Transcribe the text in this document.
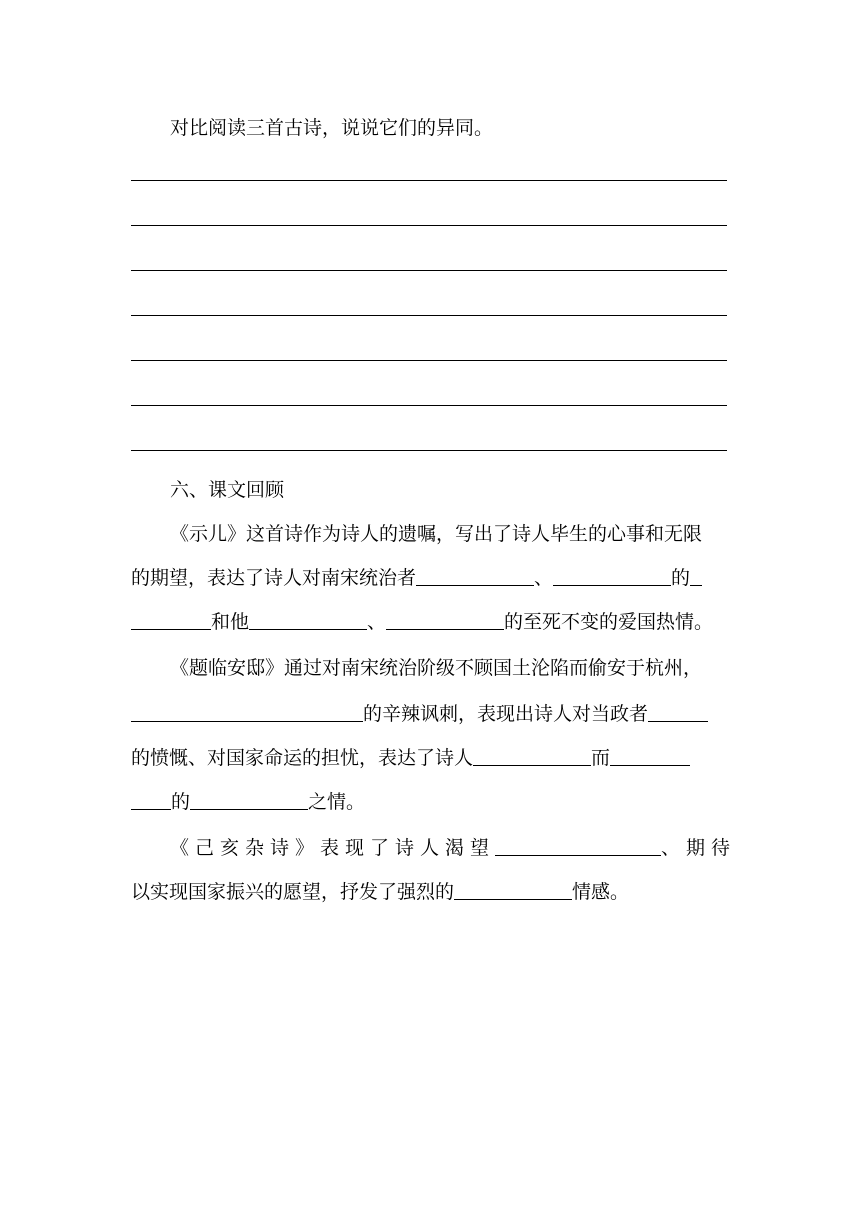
对比阅读三首古诗，说说它们的异同。
六、课文回顾
《示儿》这首诗作为诗人的遗嘱，写出了诗人毕生的心事和无限
的期望，表达了诗人对南宋统治者	、	的
和他	、	的至死不变的爱国热情。
《题临安邸》通过对南宋统治阶级不顾国土沦陷而偷安于杭州，
的辛辣讽刺，表现出诗人对当政者
的愤慨、对国家命运的担忧，表达了诗人	而
的	之情。
《己亥杂诗》表现了诗人渴望	、期待
以实现国家振兴的愿望，抒发了强烈的	情感。
